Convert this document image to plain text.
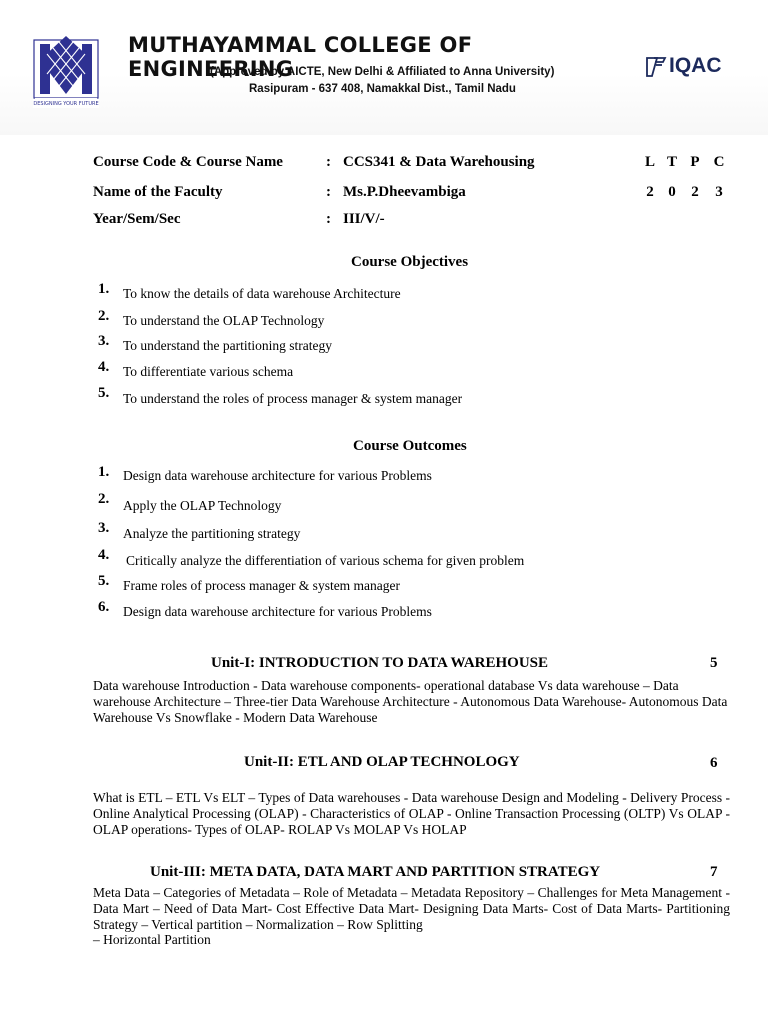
DESIGNING YOUR FUTURE
MUTHAYAMMAL COLLEGE OF ENGINEERING
(Approved by AICTE, New Delhi & Affiliated to Anna University)
Rasipuram - 637 408, Namakkal Dist., Tamil Nadu
IQAC
Course Code & Course Name	: CCS341 & Data Warehousing
Name of the Faculty	: Ms.P.Dheevambiga
Year/Sem/Sec	: III/V/-
L T P C
2 0 2 3
Course Objectives
1. To know the details of data warehouse Architecture
2. To understand the OLAP Technology
3. To understand the partitioning strategy
4. To differentiate various schema
5. To understand the roles of process manager & system manager
Course Outcomes
1. Design data warehouse architecture for various Problems
2. Apply the OLAP Technology
3. Analyze the partitioning strategy
4. Critically analyze the differentiation of various schema for given problem
5. Frame roles of process manager & system manager
6. Design data warehouse architecture for various Problems
Unit-I: INTRODUCTION TO DATA WAREHOUSE	5
Data warehouse Introduction - Data warehouse components- operational database Vs data warehouse – Data warehouse Architecture – Three-tier Data Warehouse Architecture - Autonomous Data Warehouse- Autonomous Data Warehouse Vs Snowflake - Modern Data Warehouse
Unit-II: ETL AND OLAP TECHNOLOGY	6
What is ETL – ETL Vs ELT – Types of Data warehouses - Data warehouse Design and Modeling - Delivery Process - Online Analytical Processing (OLAP) - Characteristics of OLAP - Online Transaction Processing (OLTP) Vs OLAP - OLAP operations- Types of OLAP- ROLAP Vs MOLAP Vs HOLAP
Unit-III: META DATA, DATA MART AND PARTITION STRATEGY	7
Meta Data – Categories of Metadata – Role of Metadata – Metadata Repository – Challenges for Meta Management - Data Mart – Need of Data Mart- Cost Effective Data Mart- Designing Data Marts- Cost of Data Marts- Partitioning Strategy – Vertical partition – Normalization – Row Splitting
– Horizontal Partition
